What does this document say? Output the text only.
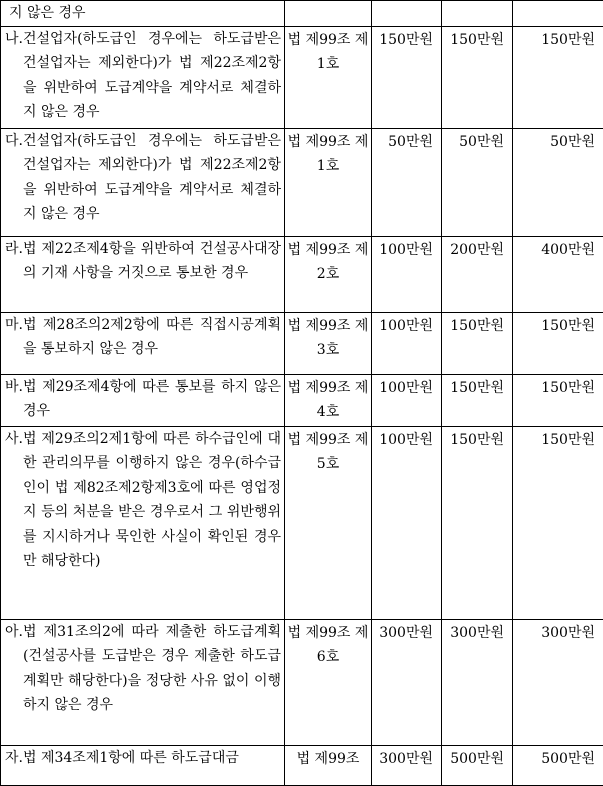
지 않은 경우				

나. 건설업자(하도급인 경우에는 하도급받은 건설업자는 제외한다)가 법 제22조제2항을 위반하여 도급계약을 계약서로 체결하지 않은 경우	법 제99조 제1호	150만원	150만원	150만원

다. 건설업자(하도급인 경우에는 하도급받은 건설업자는 제외한다)가 법 제22조제2항을 위반하여 도급계약을 계약서로 체결하지 않은 경우	법 제99조 제1호	50만원	50만원	50만원

라. 법 제22조제4항을 위반하여 건설공사대장의 기재 사항을 거짓으로 통보한 경우	법 제99조 제2호	100만원	200만원	400만원

마. 법 제28조의2제2항에 따른 직접시공계획을 통보하지 않은 경우	법 제99조 제3호	100만원	150만원	150만원

바. 법 제29조제4항에 따른 통보를 하지 않은 경우	법 제99조 제4호	100만원	150만원	150만원

사. 법 제29조의2제1항에 따른 하수급인에 대한 관리의무를 이행하지 않은 경우(하수급인이 법 제82조제2항제3호에 따른 영업정지 등의 처분을 받은 경우로서 그 위반행위를 지시하거나 묵인한 사실이 확인된 경우만 해당한다)	법 제99조 제5호	100만원	150만원	150만원

아. 법 제31조의2에 따라 제출한 하도급계획(건설공사를 도급받은 경우 제출한 하도급계획만 해당한다)을 정당한 사유 없이 이행하지 않은 경우	법 제99조 제6호	300만원	300만원	300만원

자. 법 제34조제1항에 따른 하도급대금	법 제99조	300만원	500만원	500만원
